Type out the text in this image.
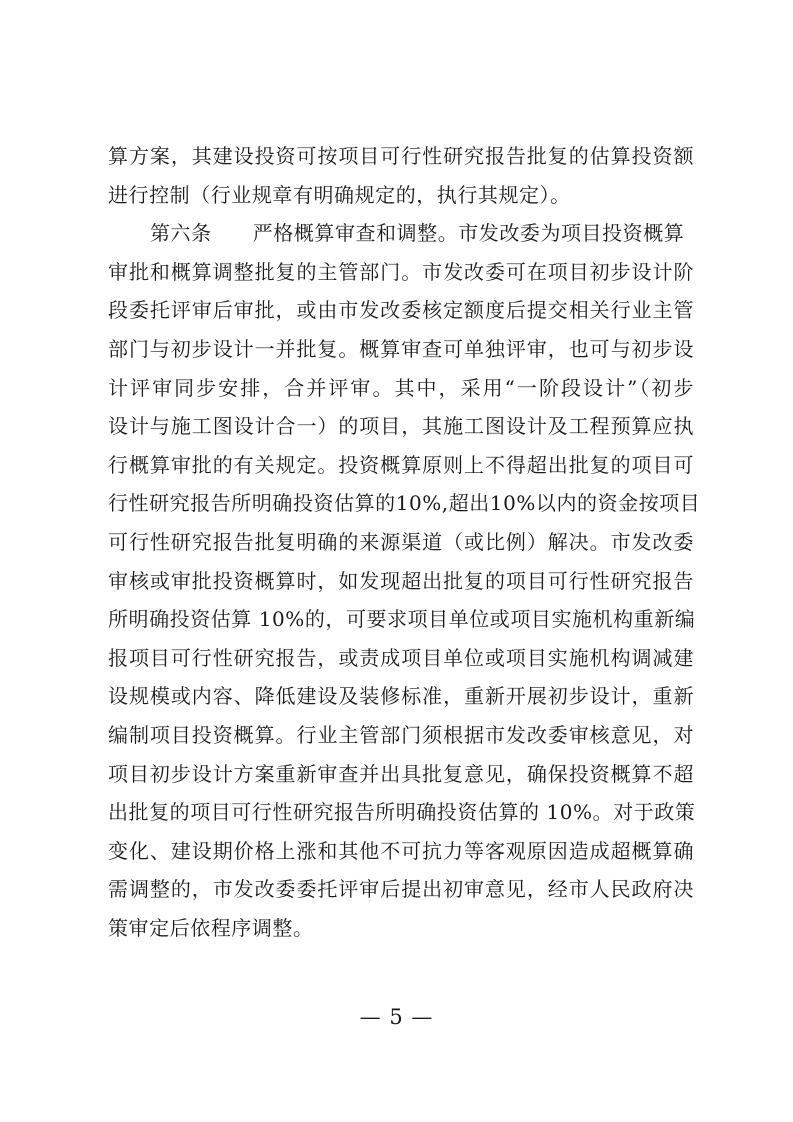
算方案，其建设投资可按项目可行性研究报告批复的估算投资额
进行控制（行业规章有明确规定的，执行其规定）。
第六条　　严格概算审查和调整。市发改委为项目投资概算
审批和概算调整批复的主管部门。市发改委可在项目初步设计阶
段委托评审后审批，或由市发改委核定额度后提交相关行业主管
部门与初步设计一并批复。概算审查可单独评审，也可与初步设
计评审同步安排，合并评审。其中，采用“一阶段设计”（初步
设计与施工图设计合一）的项目，其施工图设计及工程预算应执
行概算审批的有关规定。投资概算原则上不得超出批复的项目可
行性研究报告所明确投资估算的10%,超出10%以内的资金按项目
可行性研究报告批复明确的来源渠道（或比例）解决。市发改委
审核或审批投资概算时，如发现超出批复的项目可行性研究报告
所明确投资估算 10%的，可要求项目单位或项目实施机构重新编
报项目可行性研究报告，或责成项目单位或项目实施机构调减建
设规模或内容、降低建设及装修标准，重新开展初步设计，重新
编制项目投资概算。行业主管部门须根据市发改委审核意见，对
项目初步设计方案重新审查并出具批复意见，确保投资概算不超
出批复的项目可行性研究报告所明确投资估算的 10%。对于政策
变化、建设期价格上涨和其他不可抗力等客观原因造成超概算确
需调整的，市发改委委托评审后提出初审意见，经市人民政府决
策审定后依程序调整。
— 5 —
